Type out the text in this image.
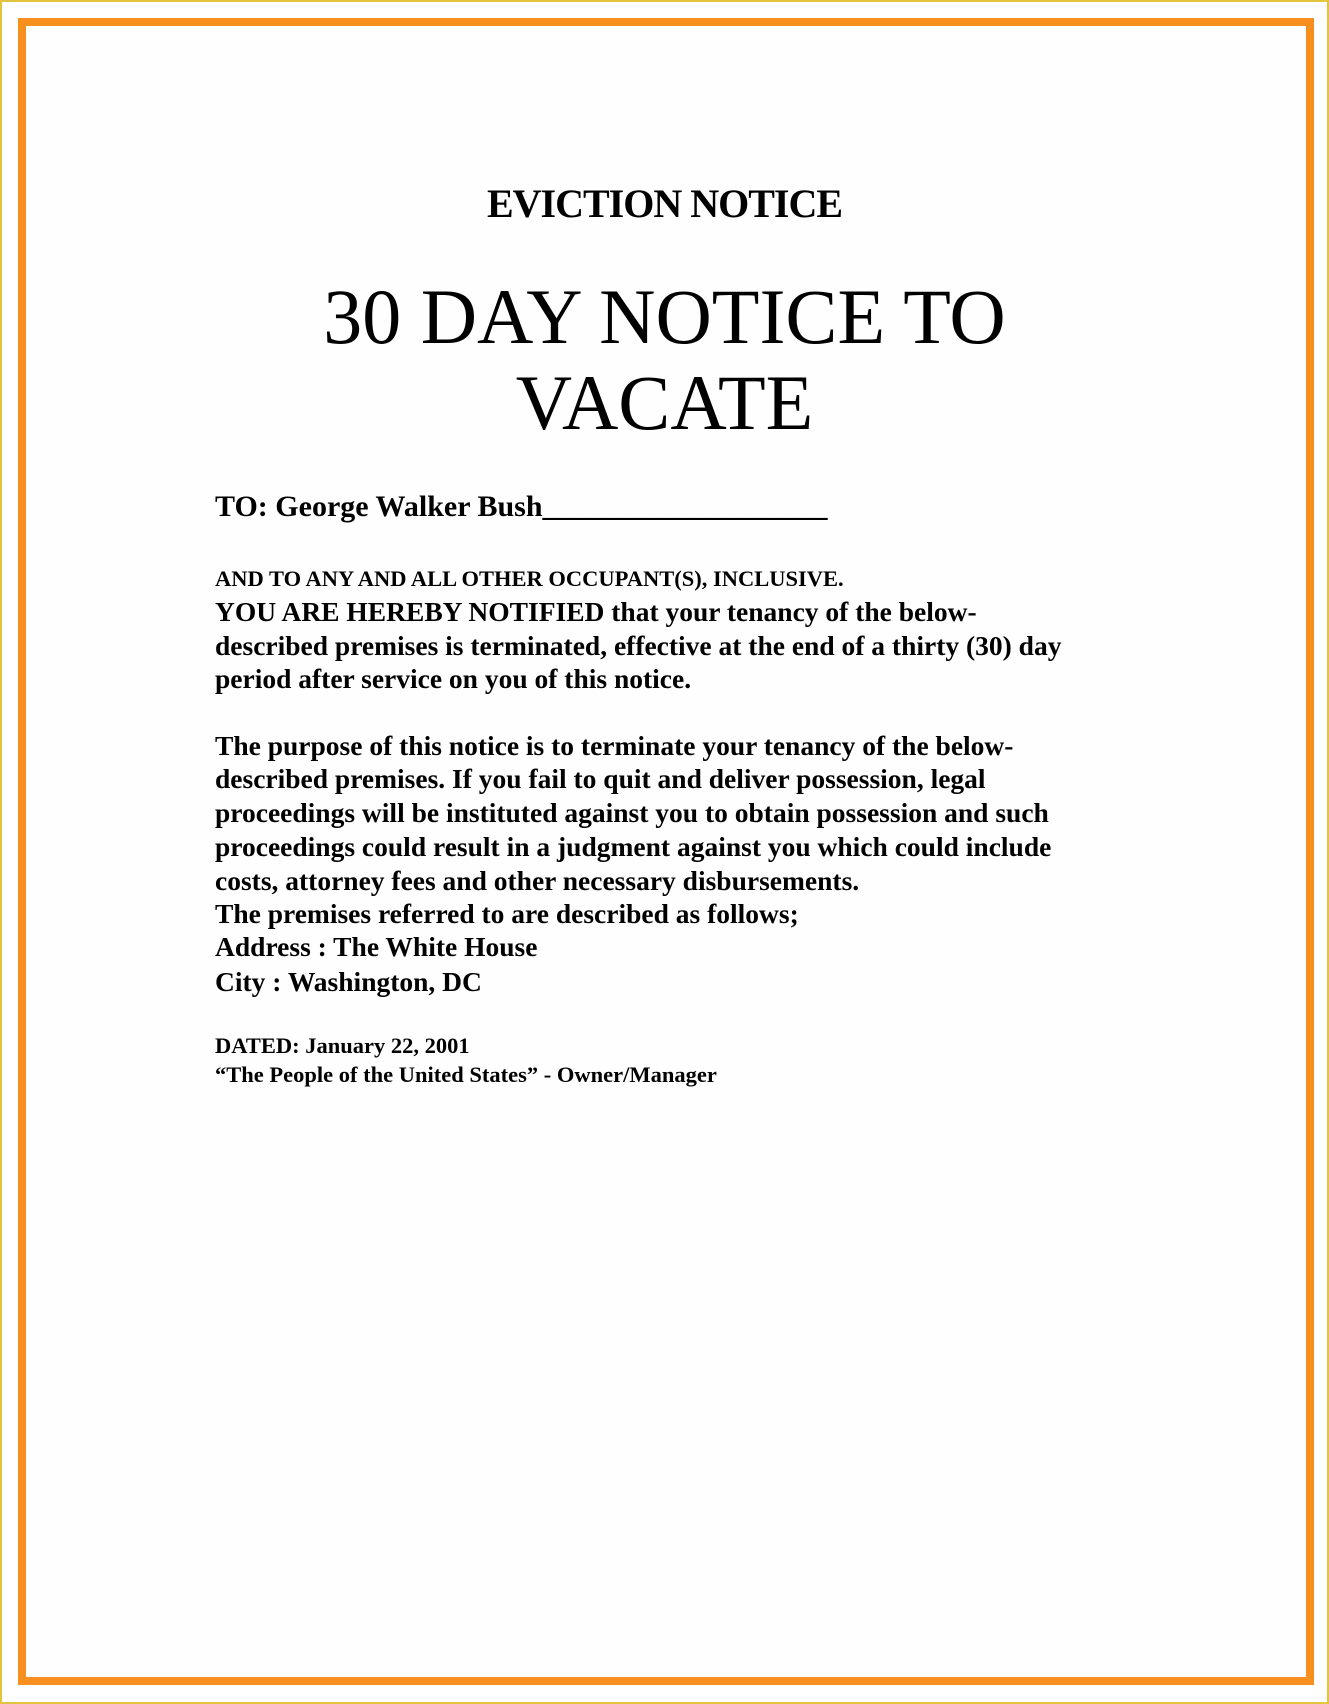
EVICTION NOTICE
30 DAY NOTICE TO
VACATE
TO: George Walker Bush___________________
AND TO ANY AND ALL OTHER OCCUPANT(S), INCLUSIVE.
YOU ARE HEREBY NOTIFIED that your tenancy of the below-
described premises is terminated, effective at the end of a thirty (30) day
period after service on you of this notice.
The purpose of this notice is to terminate your tenancy of the below-
described premises. If you fail to quit and deliver possession, legal
proceedings will be instituted against you to obtain possession and such
proceedings could result in a judgment against you which could include
costs, attorney fees and other necessary disbursements.
The premises referred to are described as follows;
Address : The White House
City : Washington, DC
DATED: January 22, 2001
“The People of the United States” - Owner/Manager
